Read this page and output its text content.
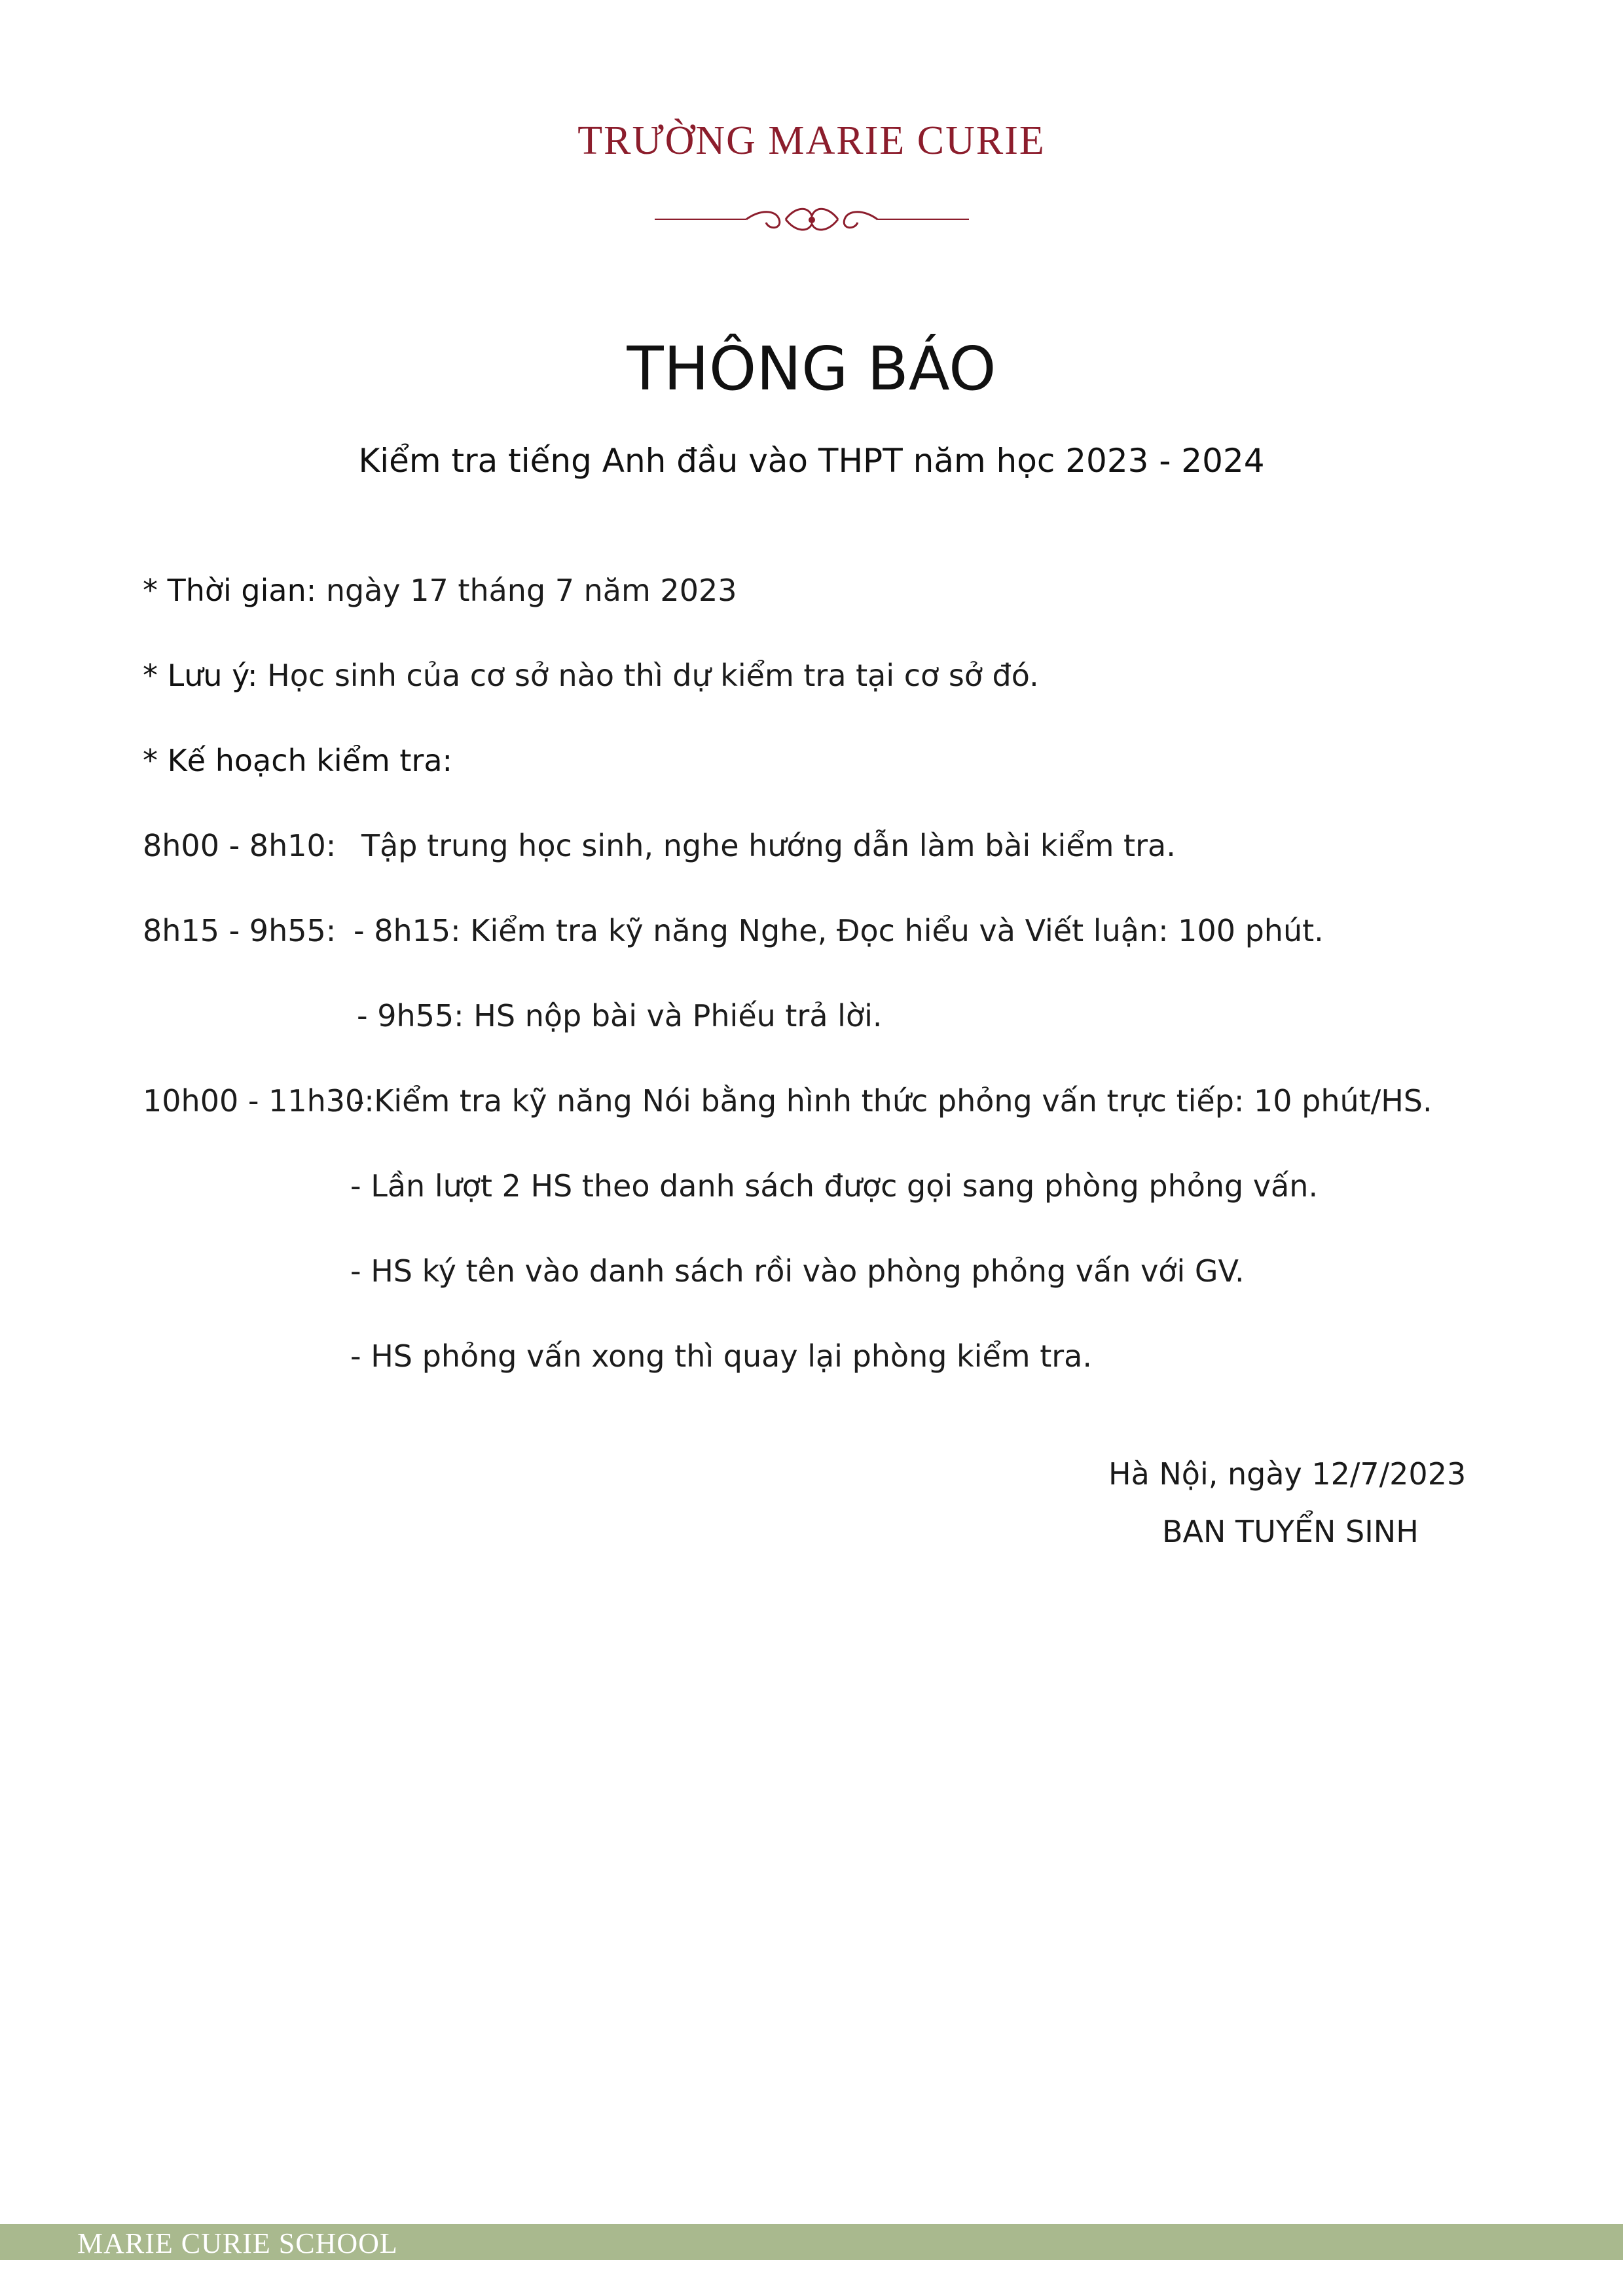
TRƯỜNG MARIE CURIE
THÔNG BÁO
Kiểm tra tiếng Anh đầu vào THPT năm học 2023 - 2024
* Thời gian: ngày 17 tháng 7 năm 2023
* Lưu ý: Học sinh của cơ sở nào thì dự kiểm tra tại cơ sở đó.
* Kế hoạch kiểm tra:
8h00 - 8h10: Tập trung học sinh, nghe hướng dẫn làm bài kiểm tra.
8h15 - 9h55: - 8h15: Kiểm tra kỹ năng Nghe, Đọc hiểu và Viết luận: 100 phút.
- 9h55: HS nộp bài và Phiếu trả lời.
10h00 - 11h30:
- Kiểm tra kỹ năng Nói bằng hình thức phỏng vấn trực tiếp: 10 phút/HS.
- Lần lượt 2 HS theo danh sách được gọi sang phòng phỏng vấn.
- HS ký tên vào danh sách rồi vào phòng phỏng vấn với GV.
- HS phỏng vấn xong thì quay lại phòng kiểm tra.
Hà Nội, ngày 12/7/2023
BAN TUYỂN SINH
MARIE CURIE SCHOOL
